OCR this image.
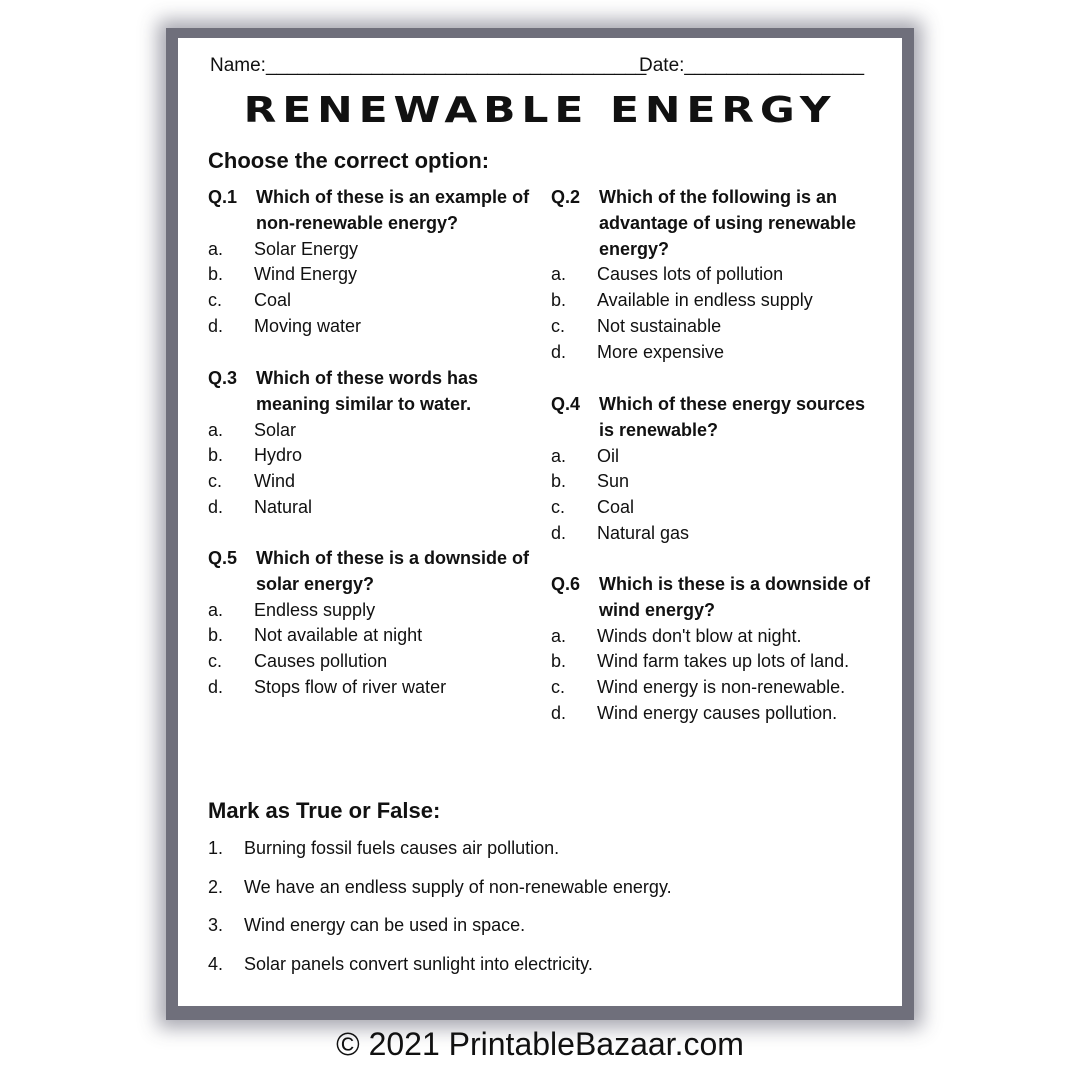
Name:____________________________________
Date:_________________
RENEWABLE ENERGY
Choose the correct option:
Q.1	Which of these is an example of non-renewable energy?
a.	Solar Energy
b.	Wind Energy
c.	Coal
d.	Moving water
Q.2	Which of the following is an advantage of using renewable energy?
a.	Causes lots of pollution
b.	Available in endless supply
c.	Not sustainable
d.	More expensive
Q.3	Which of these words has meaning similar to water.
a.	Solar
b.	Hydro
c.	Wind
d.	Natural
Q.4	Which of these energy sources is renewable?
a.	Oil
b.	Sun
c.	Coal
d.	Natural gas
Q.5	Which of these is a downside of solar energy?
a.	Endless supply
b.	Not available at night
c.	Causes pollution
d.	Stops flow of river water
Q.6	Which is these is a downside of wind energy?
a.	Winds don't blow at night.
b.	Wind farm takes up lots of land.
c.	Wind energy is non-renewable.
d.	Wind energy causes pollution.
Mark as True or False:
1.	Burning fossil fuels causes air pollution.
2.	We have an endless supply of non-renewable energy.
3.	Wind energy can be used in space.
4.	Solar panels convert sunlight into electricity.
© 2021 PrintableBazaar.com
